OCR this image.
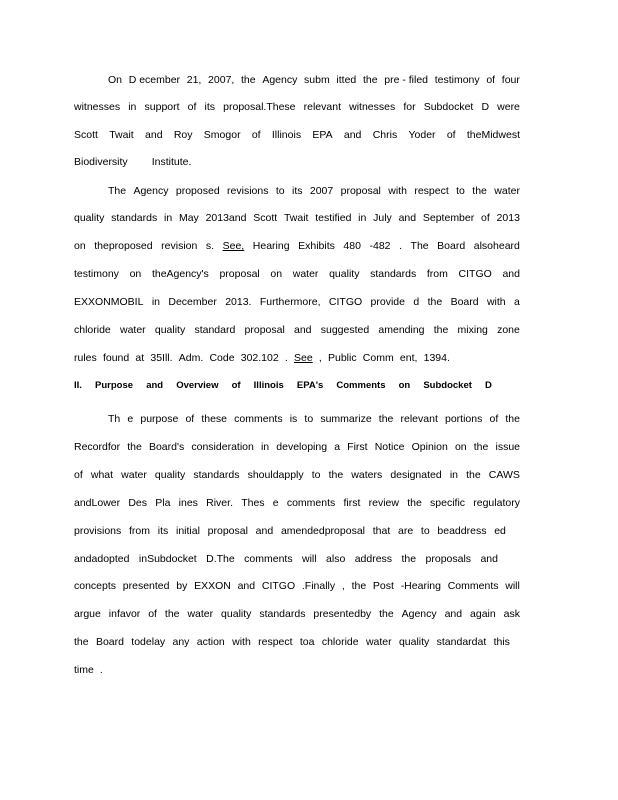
On D ecember 21, 2007, the Agency subm itted the pre - filed testimony of four
witnesses in support of its proposal.These relevant witnesses for Subdocket D were
Scott Twait and Roy Smogor of Illinois EPA and Chris Yoder of theMidwest
Biodiversity Institute.
The Agency proposed revisions to its 2007 proposal with respect to the water
quality standards in May 2013and Scott Twait testified in July and September of 2013
on theproposed revision s. See, Hearing Exhibits 480 -482 . The Board alsoheard
testimony on theAgency's proposal on water quality standards from CITGO and
EXXONMOBIL in December 2013. Furthermore, CITGO provide d the Board with a
chloride water quality standard proposal and suggested amending the mixing zone
rules found at 35Ill. Adm. Code 302.102 . See , Public Comm ent, 1394.
II. Purpose and Overview of Illinois EPA's Comments on Subdocket D
Th e purpose of these comments is to summarize the relevant portions of the
Recordfor the Board's consideration in developing a First Notice Opinion on the issue
of what water quality standards shouldapply to the waters designated in the CAWS
andLower Des Pla ines River. Thes e comments first review the specific regulatory
provisions from its initial proposal and amendedproposal that are to beaddress ed
andadopted inSubdocket D.The comments will also address the proposals and
concepts presented by EXXON and CITGO .Finally , the Post -Hearing Comments will
argue infavor of the water quality standards presentedby the Agency and again ask
the Board todelay any action with respect toa chloride water quality standardat this
time .
